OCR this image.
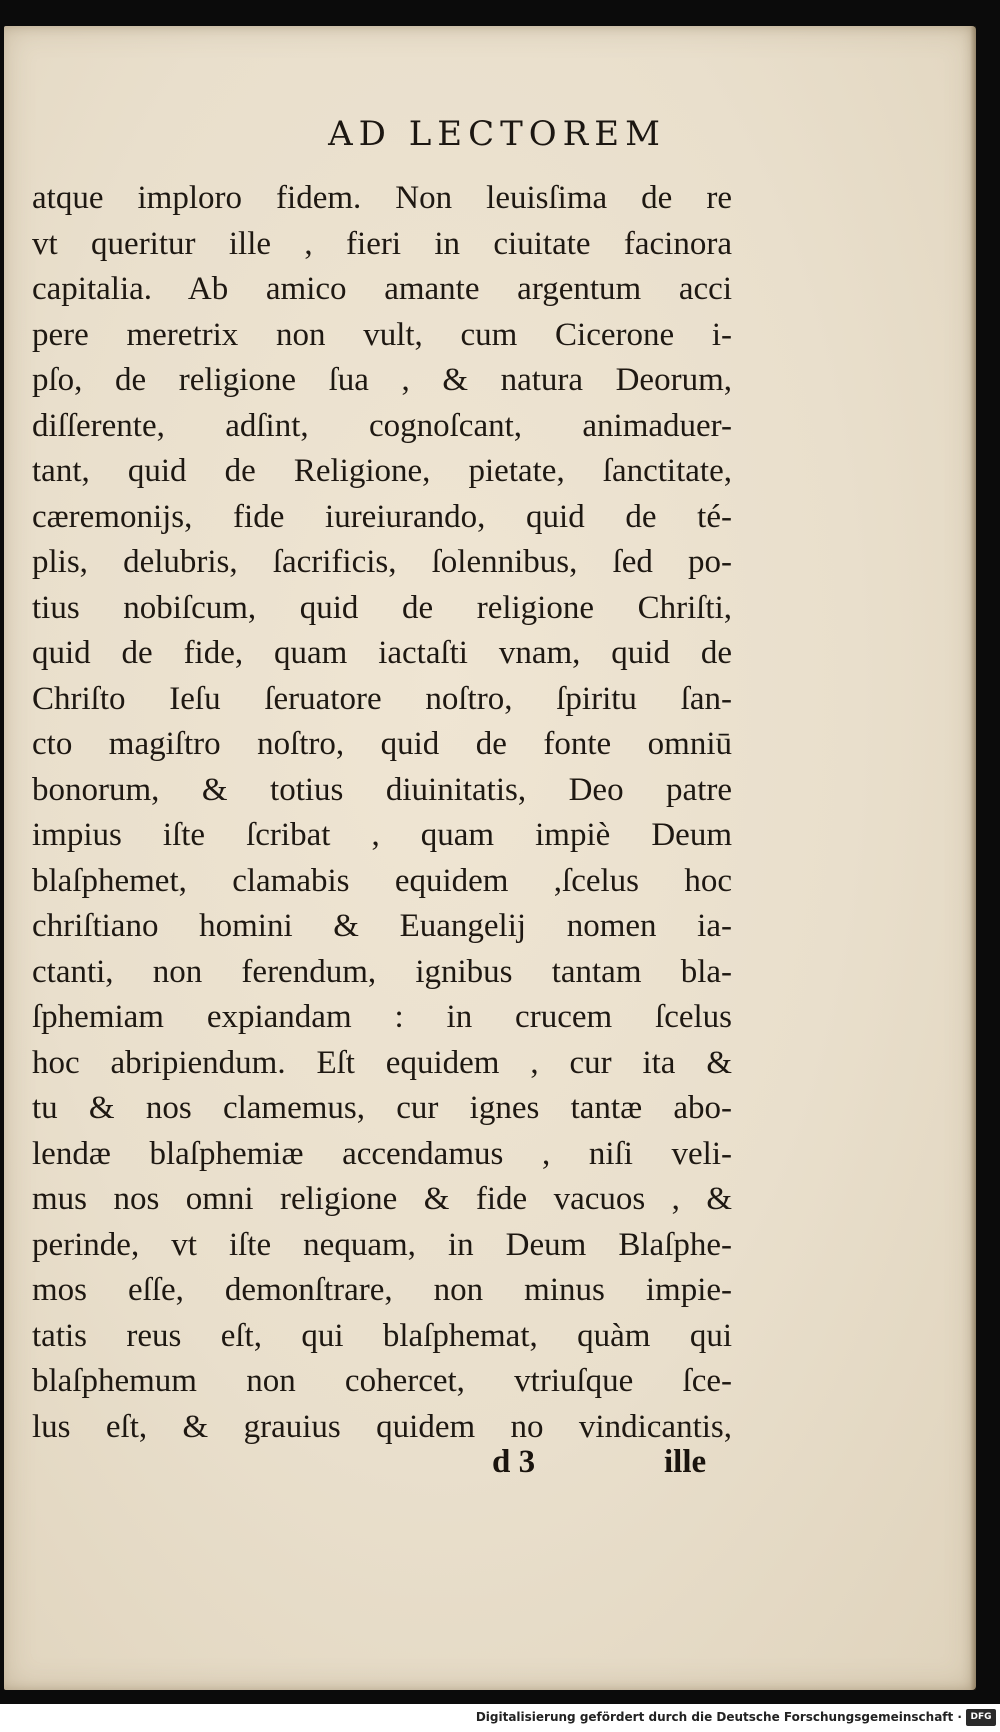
AD LECTOREM
atque imploro fidem. Non leuisſima de re
vt queritur ille , fieri in ciuitate facinora
capitalia. Ab amico amante argentum acci
pere meretrix non vult, cum Cicerone i-
pſo, de religione ſua , & natura Deorum,
diſſerente, adſint, cognoſcant, animaduer-
tant, quid de Religione, pietate, ſanctitate,
cæremonijs, fide iureiurando, quid de té-
plis, delubris, ſacrificis, ſolennibus, ſed po-
tius nobiſcum, quid de religione Chriſti,
quid de fide, quam iactaſti vnam, quid de
Chriſto Ieſu ſeruatore noſtro, ſpiritu ſan-
cto magiſtro noſtro, quid de fonte omniū
bonorum, & totius diuinitatis, Deo patre
impius iſte ſcribat , quam impiè Deum
blaſphemet, clamabis equidem ,ſcelus hoc
chriſtiano homini & Euangelij nomen ia-
ctanti, non ferendum, ignibus tantam bla-
ſphemiam expiandam : in crucem ſcelus
hoc abripiendum. Eſt equidem , cur ita &
tu & nos clamemus, cur ignes tantæ abo-
lendæ blaſphemiæ accendamus , niſi veli-
mus nos omni religione & fide vacuos , &
perinde, vt iſte nequam, in Deum Blaſphe-
mos eſſe, demonſtrare, non minus impie-
tatis reus eſt, qui blaſphemat, quàm qui
blaſphemum non cohercet, vtriuſque ſce-
lus eſt, & grauius quidem no vindicantis,
d 3	ille
Digitalisierung gefördert durch die Deutsche Forschungsgemeinschaft · DFG
